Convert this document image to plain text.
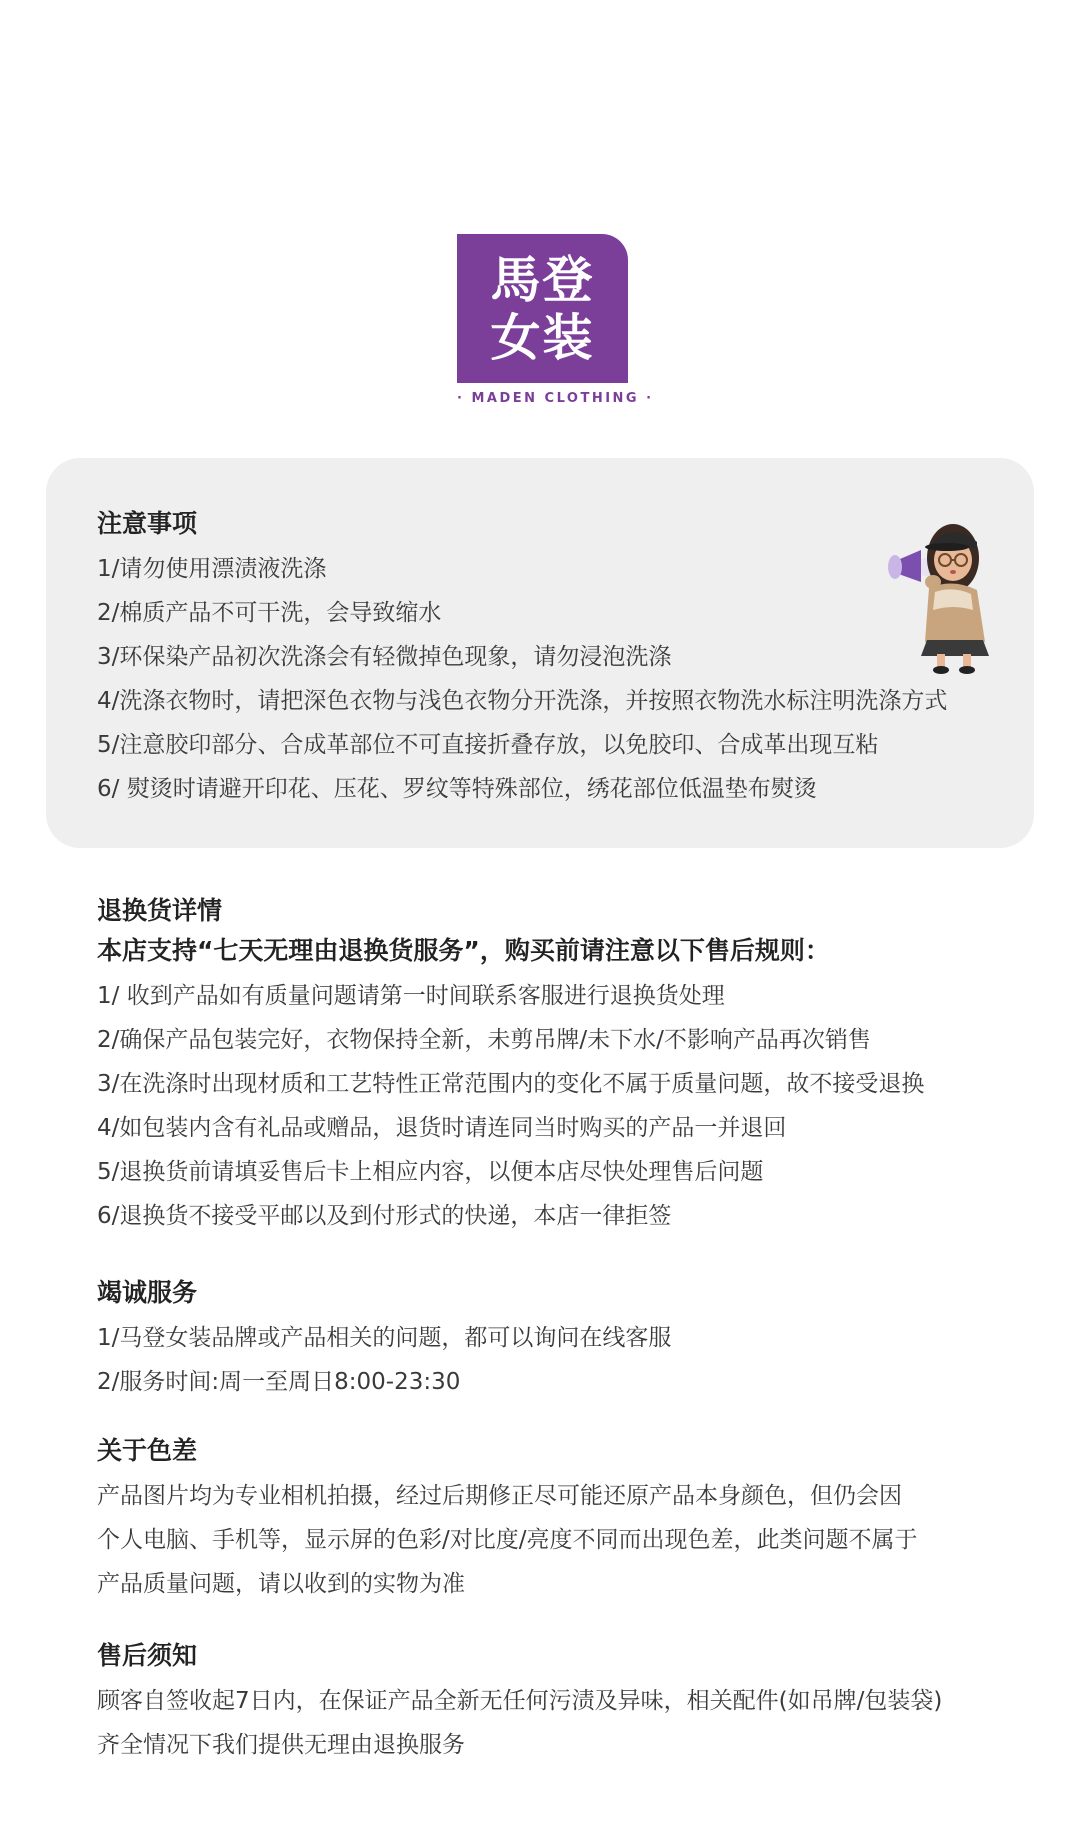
馬登
女装
· MADEN CLOTHING ·
注意事项
1/请勿使用漂渍液洗涤
2/棉质产品不可干洗，会导致缩水
3/环保染产品初次洗涤会有轻微掉色现象，请勿浸泡洗涤
4/洗涤衣物时，请把深色衣物与浅色衣物分开洗涤，并按照衣物洗水标注明洗涤方式
5/注意胶印部分、合成革部位不可直接折叠存放，以免胶印、合成革出现互粘
6/ 熨烫时请避开印花、压花、罗纹等特殊部位，绣花部位低温垫布熨烫
退换货详情
本店支持“七天无理由退换货服务”，购买前请注意以下售后规则：
1/ 收到产品如有质量问题请第一时间联系客服进行退换货处理
2/确保产品包装完好，衣物保持全新，未剪吊牌/未下水/不影响产品再次销售
3/在洗涤时出现材质和工艺特性正常范围内的变化不属于质量问题，故不接受退换
4/如包装内含有礼品或赠品，退货时请连同当时购买的产品一并退回
5/退换货前请填妥售后卡上相应内容，以便本店尽快处理售后问题
6/退换货不接受平邮以及到付形式的快递，本店一律拒签
竭诚服务
1/马登女装品牌或产品相关的问题，都可以询问在线客服
2/服务时间:周一至周日8:00-23:30
关于色差
产品图片均为专业相机拍摄，经过后期修正尽可能还原产品本身颜色，但仍会因
个人电脑、手机等，显示屏的色彩/对比度/亮度不同而出现色差，此类问题不属于
产品质量问题，请以收到的实物为准
售后须知
顾客自签收起7日内，在保证产品全新无任何污渍及异味，相关配件(如吊牌/包装袋)
齐全情况下我们提供无理由退换服务
